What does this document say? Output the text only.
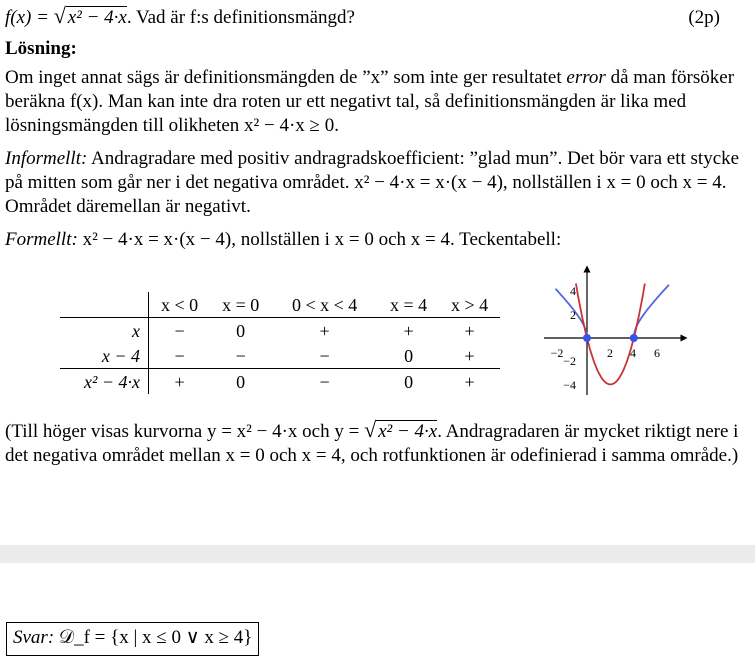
f(x) = √ x² − 4·x. Vad är f:s definitionsmängd?	(2p)
Lösning:
Om inget annat sägs är definitionsmängden de ”x” som inte ger resultatet error då man försöker beräkna f(x). Man kan inte dra roten ur ett negativt tal, så definitionsmängden är lika med lösningsmängden till olikheten x² − 4·x ≥ 0.
Informellt: Andragradare med positiv andragradskoefficient: ”glad mun”. Det bör vara ett stycke på mitten som går ner i det negativa området. x² − 4·x = x·(x − 4), nollställen i x = 0 och x = 4. Området däremellan är negativt.
Formellt: x² − 4·x = x·(x − 4), nollställen i x = 0 och x = 4. Teckentabell:
	x < 0	x = 0	0 < x < 4	x = 4	x > 4
x	−	0	+	+	+
x − 4	−	−	−	0	+
x² − 4·x	+	0	−	0	+
−2	2 4 6
4
2
−2
−4
(Till höger visas kurvorna y = x² − 4·x och y = √ x² − 4·x. Andragradaren är mycket riktigt nere i det negativa området mellan x = 0 och x = 4, och rotfunktionen är odefinierad i samma område.)
Svar: 𝒟_f = {x | x ≤ 0 ∨ x ≥ 4}
